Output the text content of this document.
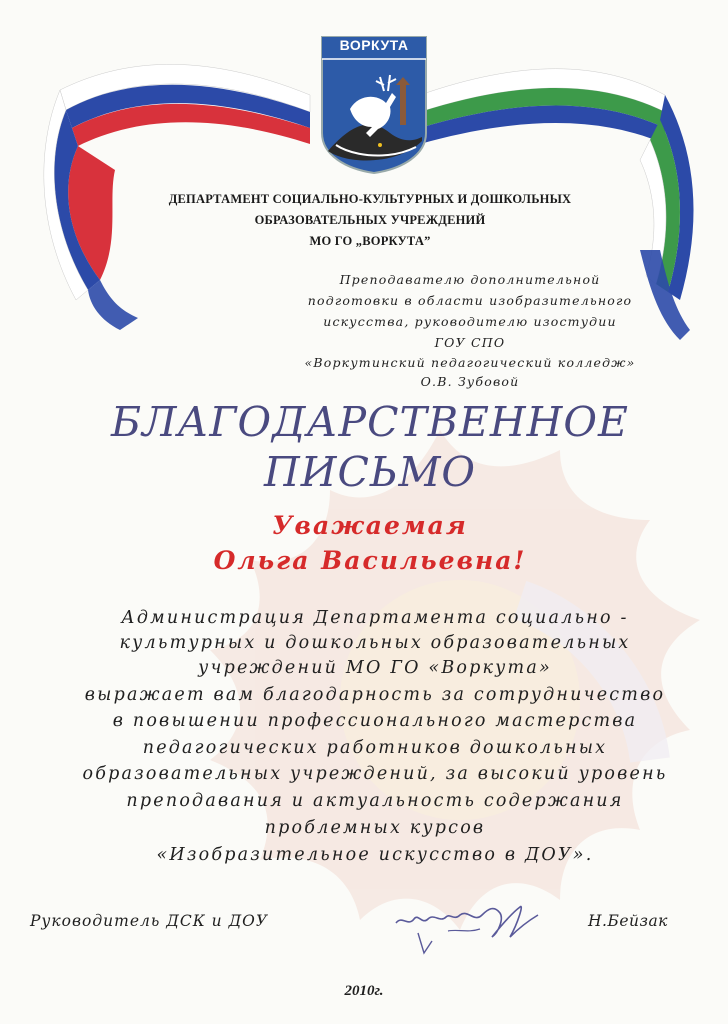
ВОРКУТА
ДЕПАРТАМЕНТ СОЦИАЛЬНО-КУЛЬТУРНЫХ И ДОШКОЛЬНЫХ
ОБРАЗОВАТЕЛЬНЫХ УЧРЕЖДЕНИЙ
МО ГО „ВОРКУТА”
Преподавателю дополнительной
подготовки в области изобразительного
искусства, руководителю изостудии
ГОУ СПО
«Воркутинский педагогический колледж»
О.В. Зубовой
БЛАГОДАРСТВЕННОЕ
ПИСЬМО
Уважаемая
Ольга Васильевна!
Администрация Департамента социально -
культурных и дошкольных образовательных
учреждений МО ГО «Воркута»
выражает вам благодарность за сотрудничество
в повышении профессионального мастерства
педагогических работников дошкольных
образовательных учреждений, за высокий уровень
преподавания и актуальность содержания
проблемных курсов
«Изобразительное искусство в ДОУ».
Руководитель ДСК и ДОУ	Н.Бейзак
2010г.
